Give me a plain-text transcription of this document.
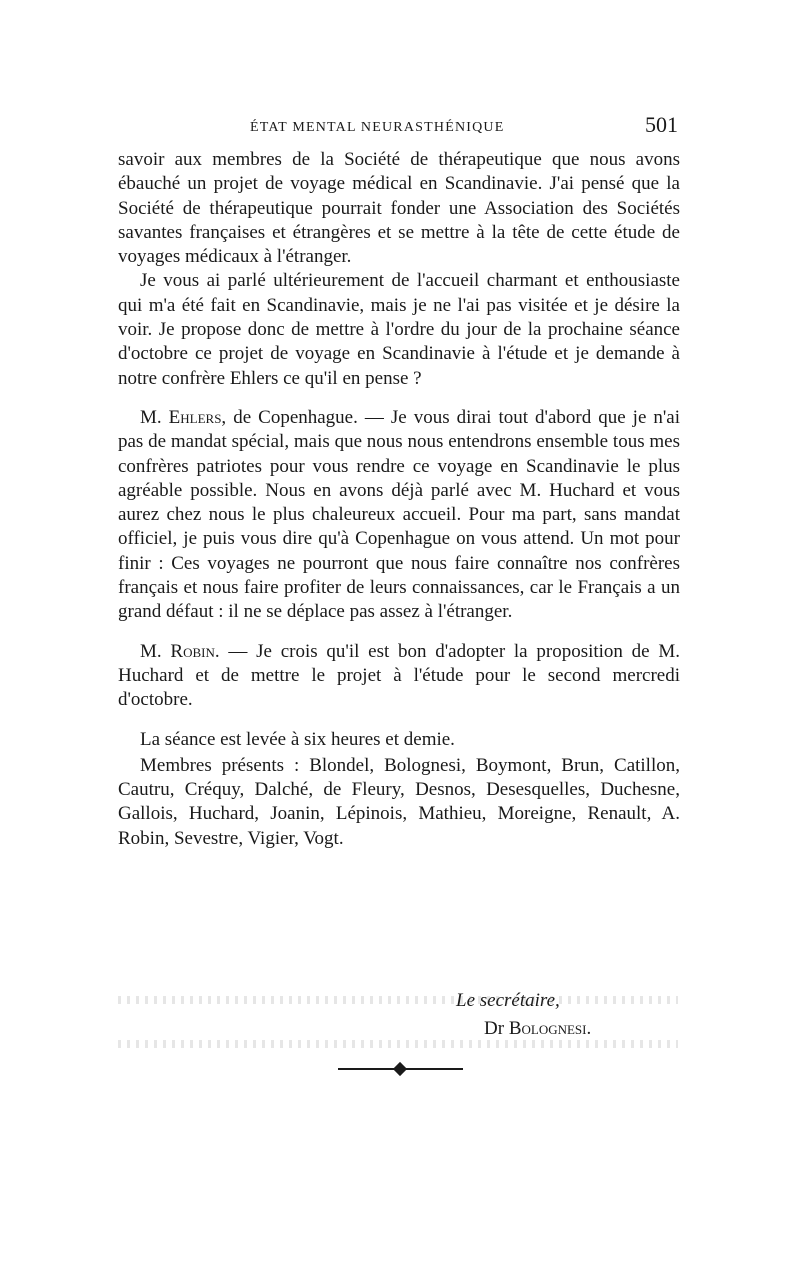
ÉTAT MENTAL NEURASTHÉNIQUE	501

savoir aux membres de la Société de thérapeutique que nous avons ébauché un projet de voyage médical en Scandinavie. J'ai pensé que la Société de thérapeutique pourrait fonder une Association des Sociétés savantes françaises et étrangères et se mettre à la tête de cette étude de voyages médicaux à l'étranger.

Je vous ai parlé ultérieurement de l'accueil charmant et enthousiaste qui m'a été fait en Scandinavie, mais je ne l'ai pas visitée et je désire la voir. Je propose donc de mettre à l'ordre du jour de la prochaine séance d'octobre ce projet de voyage en Scandinavie à l'étude et je demande à notre confrère Ehlers ce qu'il en pense ?

M. Ehlers, de Copenhague. — Je vous dirai tout d'abord que je n'ai pas de mandat spécial, mais que nous nous entendrons ensemble tous mes confrères patriotes pour vous rendre ce voyage en Scandinavie le plus agréable possible. Nous en avons déjà parlé avec M. Huchard et vous aurez chez nous le plus chaleureux accueil. Pour ma part, sans mandat officiel, je puis vous dire qu'à Copenhague on vous attend. Un mot pour finir : Ces voyages ne pourront que nous faire connaître nos confrères français et nous faire profiter de leurs connaissances, car le Français a un grand défaut : il ne se déplace pas assez à l'étranger.

M. Robin. — Je crois qu'il est bon d'adopter la proposition de M. Huchard et de mettre le projet à l'étude pour le second mercredi d'octobre.

La séance est levée à six heures et demie.

Membres présents : Blondel, Bolognesi, Boymont, Brun, Catillon, Cautru, Créquy, Dalché, de Fleury, Desnos, Desesquelles, Duchesne, Gallois, Huchard, Joanin, Lépinois, Mathieu, Moreigne, Renault, A. Robin, Sevestre, Vigier, Vogt.

Le secrétaire,
Dr Bolognesi.
